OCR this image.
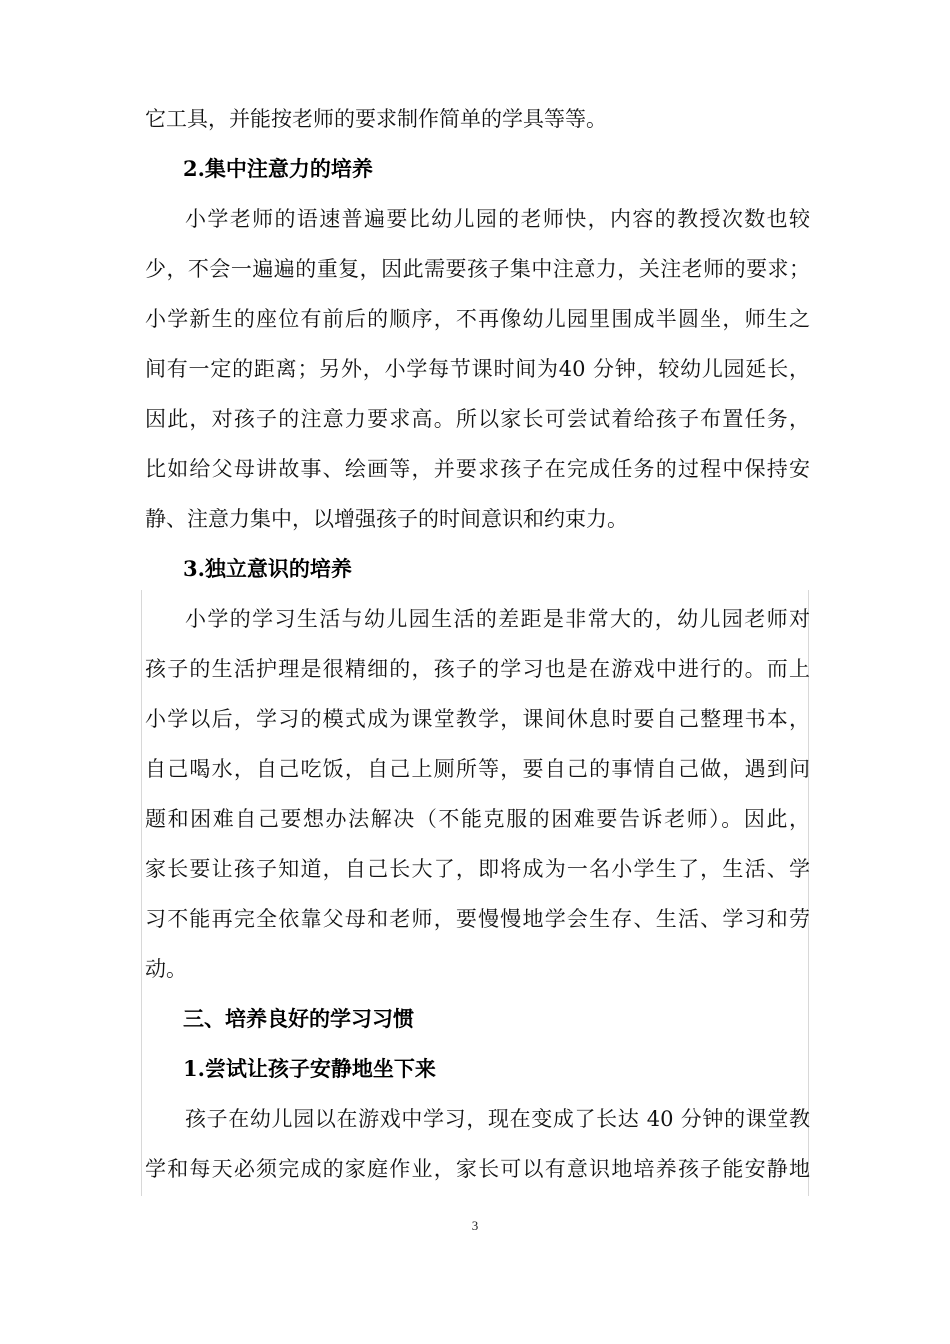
它工具，并能按老师的要求制作简单的学具等等。
2.集中注意力的培养
小学老师的语速普遍要比幼儿园的老师快，内容的教授次数也较
少，不会一遍遍的重复，因此需要孩子集中注意力，关注老师的要求；
小学新生的座位有前后的顺序，不再像幼儿园里围成半圆坐，师生之
间有一定的距离；另外，小学每节课时间为40 分钟，较幼儿园延长，
因此，对孩子的注意力要求高。所以家长可尝试着给孩子布置任务，
比如给父母讲故事、绘画等，并要求孩子在完成任务的过程中保持安
静、注意力集中，以增强孩子的时间意识和约束力。
3.独立意识的培养
小学的学习生活与幼儿园生活的差距是非常大的，幼儿园老师对
孩子的生活护理是很精细的，孩子的学习也是在游戏中进行的。而上
小学以后，学习的模式成为课堂教学，课间休息时要自己整理书本，
自己喝水，自己吃饭，自己上厕所等，要自己的事情自己做，遇到问
题和困难自己要想办法解决（不能克服的困难要告诉老师）。因此，
家长要让孩子知道，自己长大了，即将成为一名小学生了，生活、学
习不能再完全依靠父母和老师，要慢慢地学会生存、生活、学习和劳
动。
三、培养良好的学习习惯
1.尝试让孩子安静地坐下来
孩子在幼儿园以在游戏中学习，现在变成了长达 40 分钟的课堂教
学和每天必须完成的家庭作业，家长可以有意识地培养孩子能安静地
3
